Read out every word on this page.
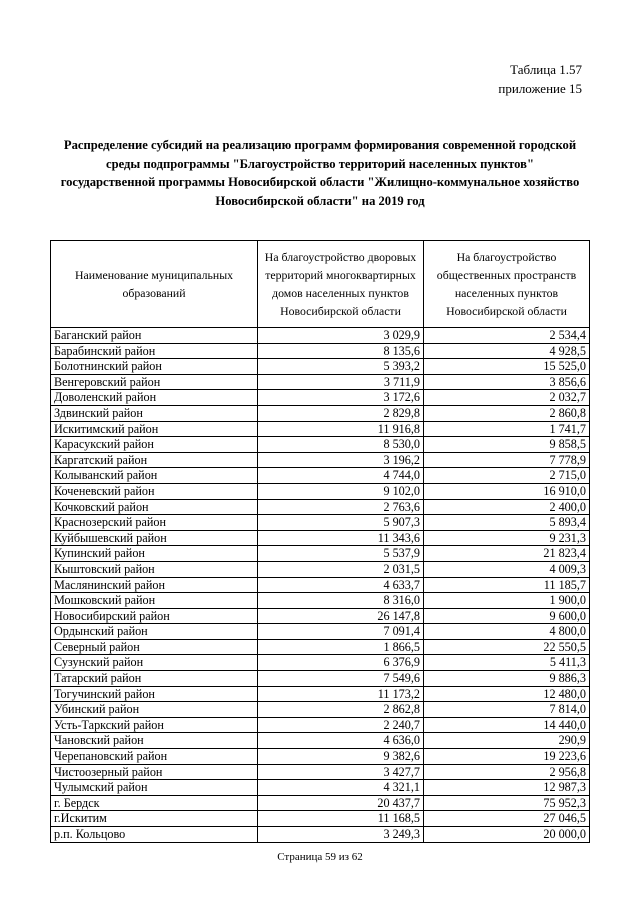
Таблица 1.57
приложение 15
Распределение субсидий на реализацию программ формирования современной городской
среды подпрограммы "Благоустройство территорий населенных пунктов"
государственной программы Новосибирской области "Жилищно-коммунальное хозяйство
Новосибирской области" на 2019 год
Наименование муниципальных образований	На благоустройство дворовых территорий многоквартирных домов населенных пунктов Новосибирской области	На благоустройство общественных пространств населенных пунктов Новосибирской области
Баганский район	3 029,9	2 534,4
Барабинский район	8 135,6	4 928,5
Болотнинский район	5 393,2	15 525,0
Венгеровский район	3 711,9	3 856,6
Доволенский район	3 172,6	2 032,7
Здвинский район	2 829,8	2 860,8
Искитимский район	11 916,8	1 741,7
Карасукский район	8 530,0	9 858,5
Каргатский район	3 196,2	7 778,9
Колыванский район	4 744,0	2 715,0
Коченевский район	9 102,0	16 910,0
Кочковский район	2 763,6	2 400,0
Краснозерский район	5 907,3	5 893,4
Куйбышевский район	11 343,6	9 231,3
Купинский район	5 537,9	21 823,4
Кыштовский район	2 031,5	4 009,3
Маслянинский район	4 633,7	11 185,7
Мошковский район	8 316,0	1 900,0
Новосибирский район	26 147,8	9 600,0
Ордынский район	7 091,4	4 800,0
Северный район	1 866,5	22 550,5
Сузунский район	6 376,9	5 411,3
Татарский район	7 549,6	9 886,3
Тогучинский район	11 173,2	12 480,0
Убинский район	2 862,8	7 814,0
Усть-Таркский район	2 240,7	14 440,0
Чановский район	4 636,0	290,9
Черепановский район	9 382,6	19 223,6
Чистоозерный район	3 427,7	2 956,8
Чулымский район	4 321,1	12 987,3
г. Бердск	20 437,7	75 952,3
г.Искитим	11 168,5	27 046,5
р.п. Кольцово	3 249,3	20 000,0
Страница 59 из 62
